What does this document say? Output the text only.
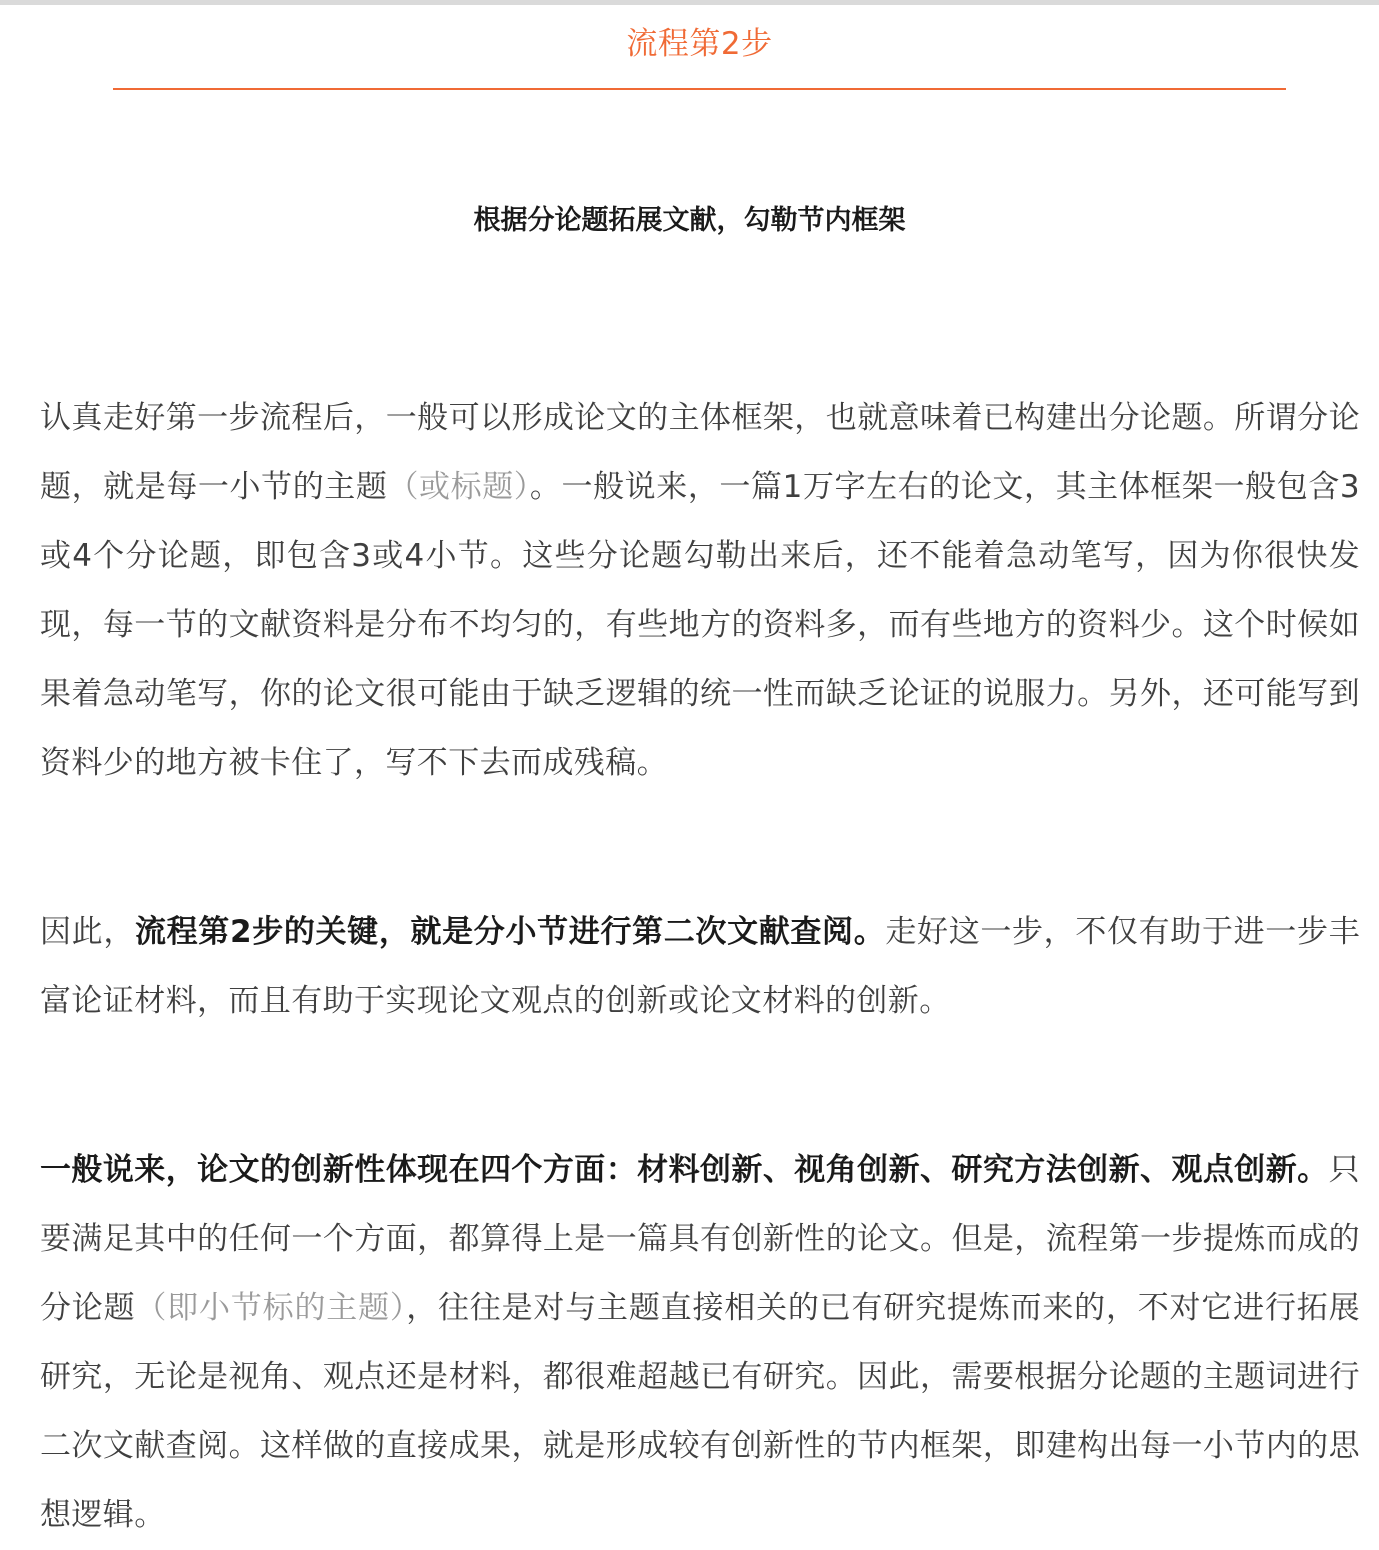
流程第2步
根据分论题拓展文献，勾勒节内框架

认真走好第一步流程后，一般可以形成论文的主体框架，也就意味着已构建出分论题。所谓分论题，就是每一小节的主题（或标题）。一般说来，一篇1万字左右的论文，其主体框架一般包含3或4个分论题，即包含3或4小节。这些分论题勾勒出来后，还不能着急动笔写，因为你很快发现，每一节的文献资料是分布不均匀的，有些地方的资料多，而有些地方的资料少。这个时候如果着急动笔写，你的论文很可能由于缺乏逻辑的统一性而缺乏论证的说服力。另外，还可能写到资料少的地方被卡住了，写不下去而成残稿。

因此，流程第2步的关键，就是分小节进行第二次文献查阅。走好这一步，不仅有助于进一步丰富论证材料，而且有助于实现论文观点的创新或论文材料的创新。

一般说来，论文的创新性体现在四个方面：材料创新、视角创新、研究方法创新、观点创新。只要满足其中的任何一个方面，都算得上是一篇具有创新性的论文。但是，流程第一步提炼而成的分论题（即小节标的主题），往往是对与主题直接相关的已有研究提炼而来的，不对它进行拓展研究，无论是视角、观点还是材料，都很难超越已有研究。因此，需要根据分论题的主题词进行二次文献查阅。这样做的直接成果，就是形成较有创新性的节内框架，即建构出每一小节内的思想逻辑。
